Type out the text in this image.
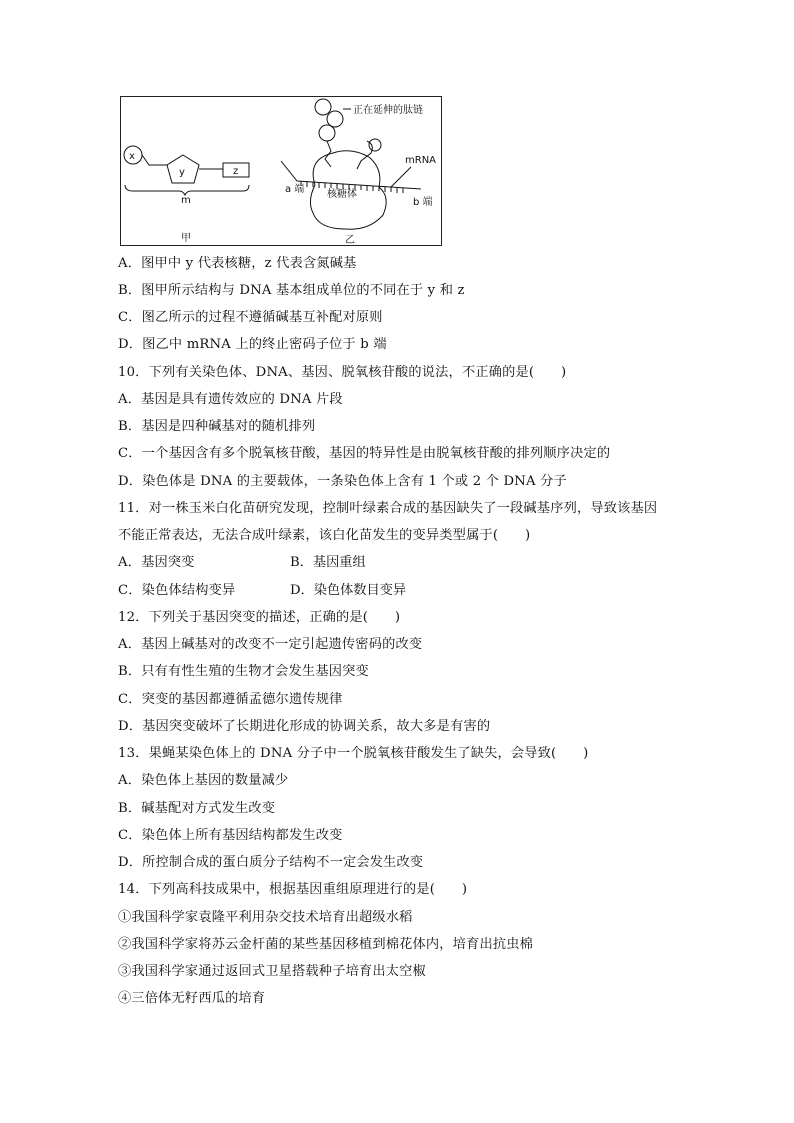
x
y	z
m
甲
正在延伸的肽链
mRNA
a 端 核糖体
b 端
乙
A．图甲中 y 代表核糖，z 代表含氮碱基
B．图甲所示结构与 DNA 基本组成单位的不同在于 y 和 z
C．图乙所示的过程不遵循碱基互补配对原则
D．图乙中 mRNA 上的终止密码子位于 b 端
10．下列有关染色体、DNA、基因、脱氧核苷酸的说法，不正确的是(　　)
A．基因是具有遗传效应的 DNA 片段
B．基因是四种碱基对的随机排列
C．一个基因含有多个脱氧核苷酸，基因的特异性是由脱氧核苷酸的排列顺序决定的
D．染色体是 DNA 的主要载体，一条染色体上含有 1 个或 2 个 DNA 分子
11．对一株玉米白化苗研究发现，控制叶绿素合成的基因缺失了一段碱基序列，导致该基因
不能正常表达，无法合成叶绿素，该白化苗发生的变异类型属于(　　)
A．基因突变	B．基因重组
C．染色体结构变异	D．染色体数目变异
12．下列关于基因突变的描述，正确的是(　　)
A．基因上碱基对的改变不一定引起遗传密码的改变
B．只有有性生殖的生物才会发生基因突变
C．突变的基因都遵循孟德尔遗传规律
D．基因突变破坏了长期进化形成的协调关系，故大多是有害的
13．果蝇某染色体上的 DNA 分子中一个脱氧核苷酸发生了缺失，会导致(　　)
A．染色体上基因的数量减少
B．碱基配对方式发生改变
C．染色体上所有基因结构都发生改变
D．所控制合成的蛋白质分子结构不一定会发生改变
14．下列高科技成果中，根据基因重组原理进行的是(　　)
①我国科学家袁隆平利用杂交技术培育出超级水稻
②我国科学家将苏云金杆菌的某些基因移植到棉花体内，培育出抗虫棉
③我国科学家通过返回式卫星搭载种子培育出太空椒
④三倍体无籽西瓜的培育
